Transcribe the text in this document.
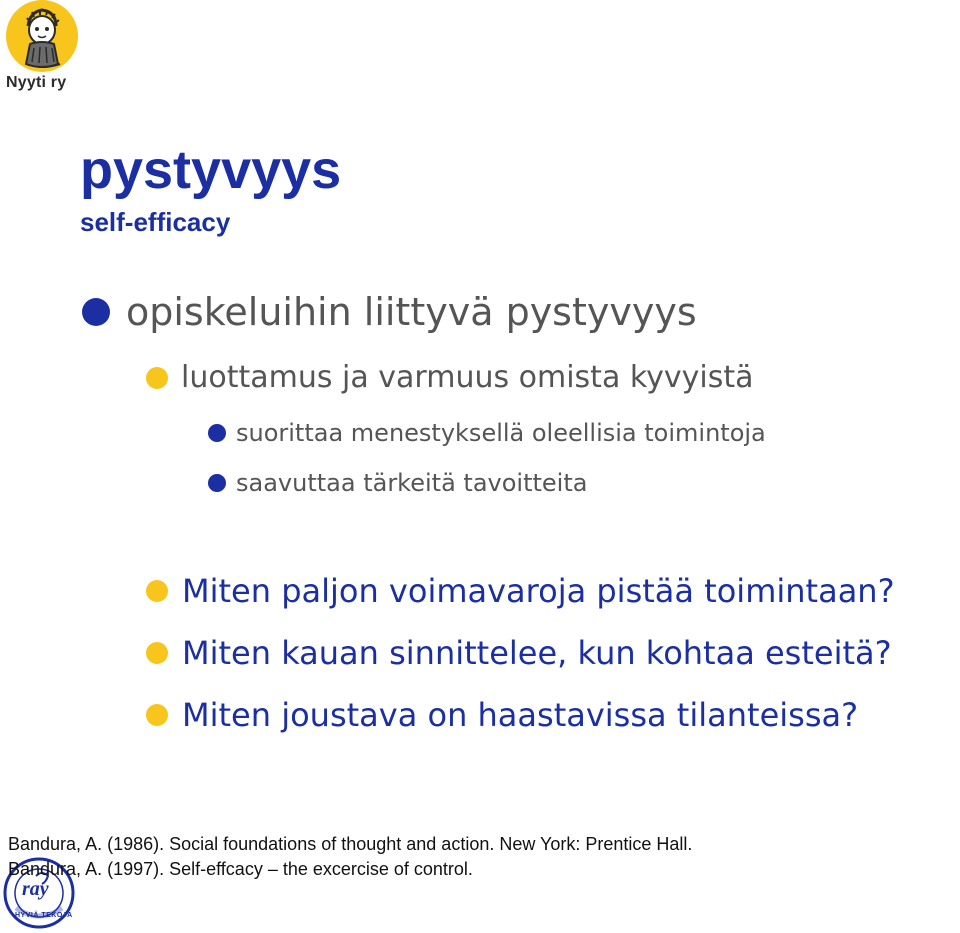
Nyyti ry
pystyvyys
self-efficacy
opiskeluihin liittyvä pystyvyys
luottamus ja varmuus omista kyvyistä
suorittaa menestyksellä oleellisia toimintoja
saavuttaa tärkeitä tavoitteita
Miten paljon voimavaroja pistää toimintaan?
Miten kauan sinnittelee, kun kohtaa esteitä?
Miten joustava on haastavissa tilanteissa?
ray
HYVIÄ TEKOJA
Bandura, A. (1986). Social foundations of thought and action. New York: Prentice Hall.
Bandura, A. (1997). Self-effcacy – the excercise of control.
